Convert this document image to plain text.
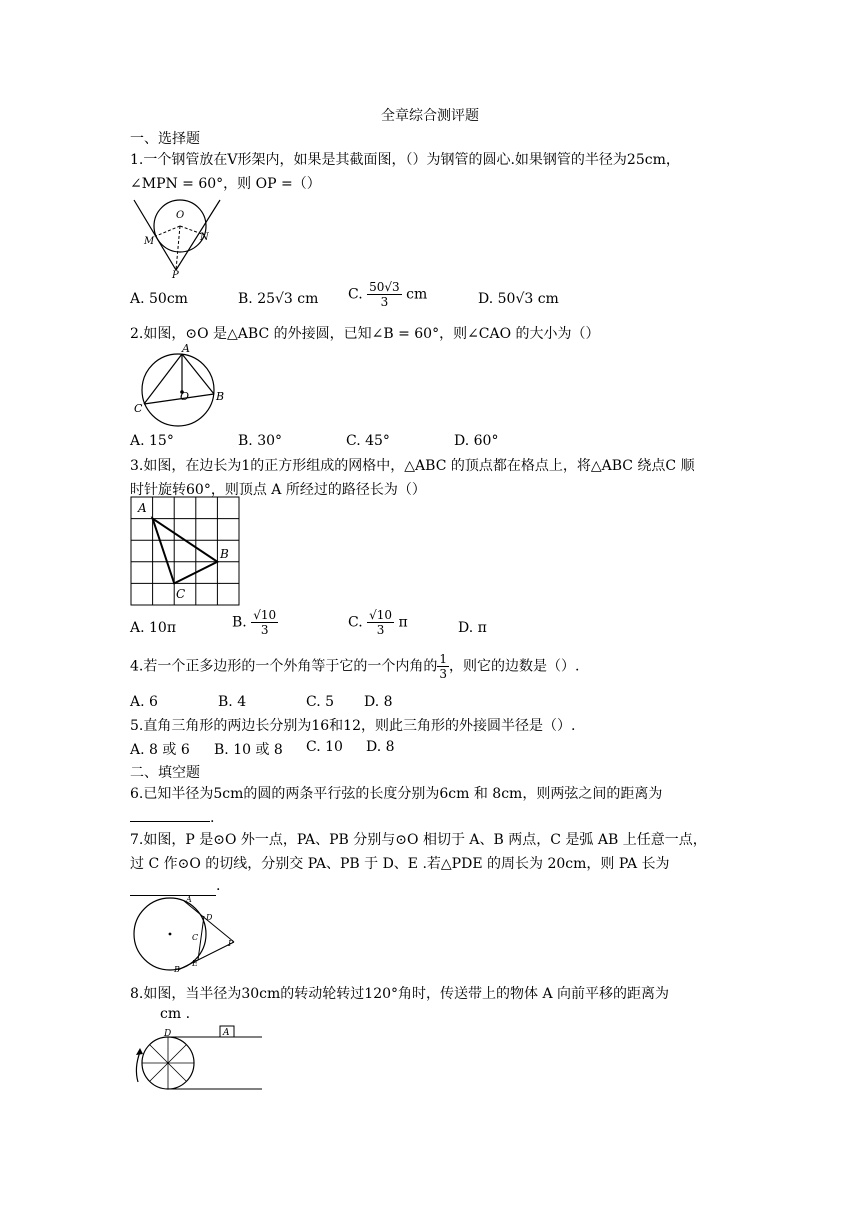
全章综合测评题
一、选择题
1.一个钢管放在V形架内，如果是其截面图，（）为钢管的圆心.如果钢管的半径为25cm，
∠MPN = 60°，则 OP =（）
O
M	N
P
A. 50cm	B. 25√3 cm C. $\frac{50√3}{3}$ cm	D. 50√3 cm
2.如图，⊙O 是△ABC 的外接圆，已知∠B = 60°，则∠CAO 的大小为（）
A
B
C
O
A. 15°	B. 30°	C. 45°	D. 60°
3.如图，在边长为1的正方形组成的网格中，△ABC 的顶点都在格点上，将△ABC 绕点C 顺
时针旋转60°，则顶点 A 所经过的路径长为（）
A
B
C
A. 10π	B. $\frac{√10}{3}$	C. $\frac{√10}{3}$ π	D. π
4.若一个正多边形的一个外角等于它的一个内角的 $\frac{1}{3}$ ，则它的边数是（）.
A. 6	B. 4	C. 5 D. 8
5.直角三角形的两边长分别为16和12，则此三角形的外接圆半径是（）.
A. 8 或 6 B. 10 或 8 C. 10 D. 8
二、填空题
6.已知半径为5cm的圆的两条平行弦的长度分别为6cm 和 8cm，则两弦之间的距离为
.
7.如图，P 是⊙O 外一点，PA、PB 分别与⊙O 相切于 A、B 两点，C 是弧 AB 上任意一点，
过 C 作⊙O 的切线，分别交 PA、PB 于 D、E .若△PDE 的周长为 20cm，则 PA 长为
.
A
B
C
D
E
P
8.如图，当半径为30cm的转动轮转过120°角时，传送带上的物体 A 向前平移的距离为
cm .
A
D
